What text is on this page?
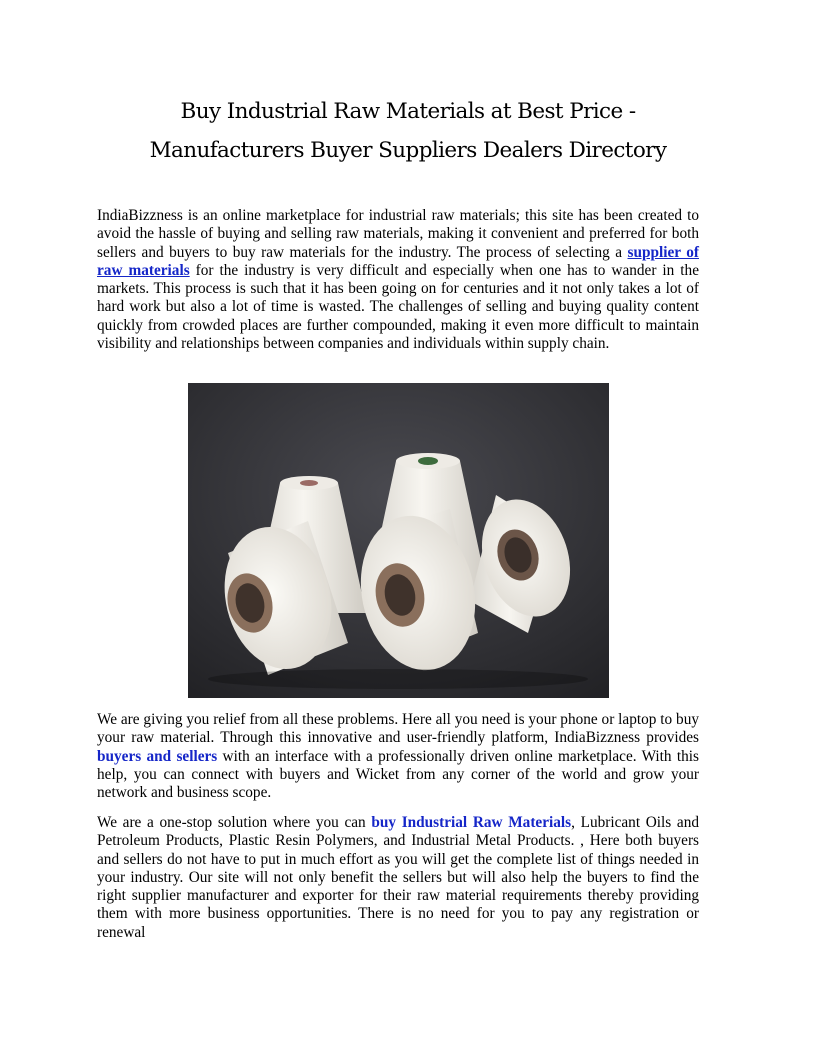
Buy Industrial Raw Materials at Best Price -
Manufacturers Buyer Suppliers Dealers Directory

IndiaBizzness is an online marketplace for industrial raw materials; this site has been created to avoid the hassle of buying and selling raw materials, making it convenient and preferred for both sellers and buyers to buy raw materials for the industry. The process of selecting a supplier of raw materials for the industry is very difficult and especially when one has to wander in the markets. This process is such that it has been going on for centuries and it not only takes a lot of hard work but also a lot of time is wasted. The challenges of selling and buying quality content quickly from crowded places are further compounded, making it even more difficult to maintain visibility and relationships between companies and individuals within supply chain.

We are giving you relief from all these problems. Here all you need is your phone or laptop to buy your raw material. Through this innovative and user-friendly platform, IndiaBizzness provides buyers and sellers with an interface with a professionally driven online marketplace. With this help, you can connect with buyers and Wicket from any corner of the world and grow your network and business scope.

We are a one-stop solution where you can buy Industrial Raw Materials, Lubricant Oils and Petroleum Products, Plastic Resin Polymers, and Industrial Metal Products. , Here both buyers and sellers do not have to put in much effort as you will get the complete list of things needed in your industry. Our site will not only benefit the sellers but will also help the buyers to find the right supplier manufacturer and exporter for their raw material requirements thereby providing them with more business opportunities. There is no need for you to pay any registration or renewal
